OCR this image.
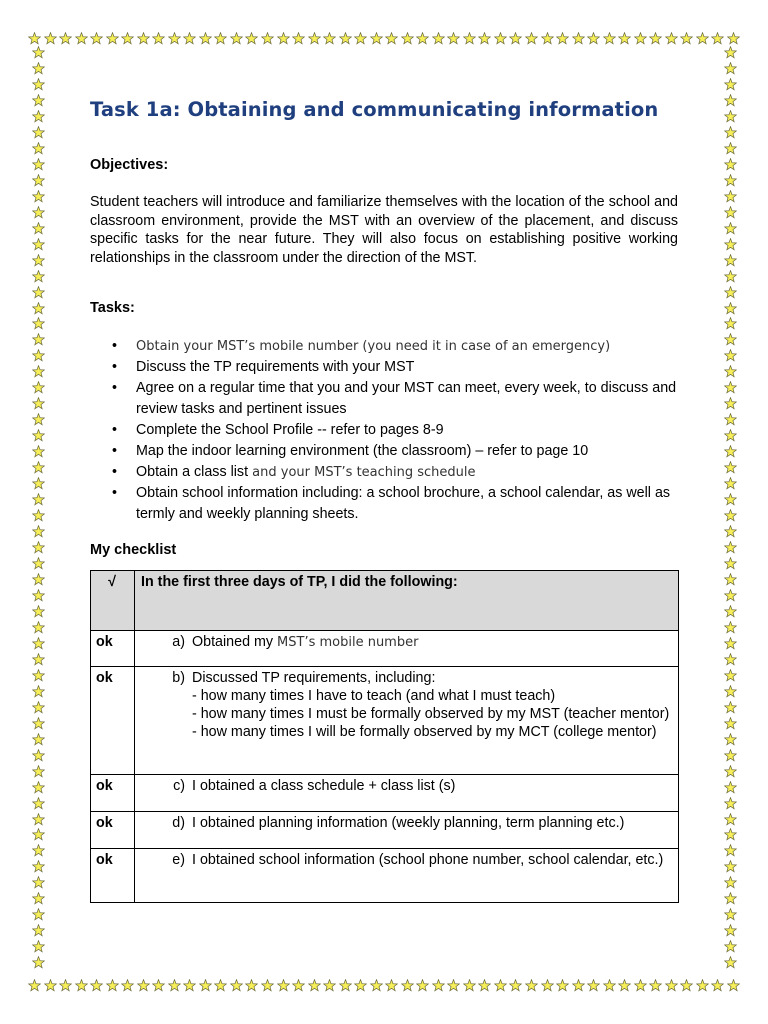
Task 1a: Obtaining and communicating information

Objectives:

Student teachers will introduce and familiarize themselves with the location of the school and classroom environment, provide the MST with an overview of the placement, and discuss specific tasks for the near future. They will also focus on establishing positive working relationships in the classroom under the direction of the MST.

Tasks:

• Obtain your MST’s mobile number (you need it in case of an emergency)
• Discuss the TP requirements with your MST
• Agree on a regular time that you and your MST can meet, every week, to discuss and review tasks and pertinent issues
• Complete the School Profile -- refer to pages 8-9
• Map the indoor learning environment (the classroom) – refer to page 10
• Obtain a class list and your MST’s teaching schedule
• Obtain school information including: a school brochure, a school calendar, as well as termly and weekly planning sheets.

My checklist

√	In the first three days of TP, I did the following:
ok	a) Obtained my MST’s mobile number

ok	b) Discussed TP requirements, including:
- how many times I have to teach (and what I must teach)
- how many times I must be formally observed by my MST (teacher mentor)
- how many times I will be formally observed by my MCT (college mentor)

ok	c) I obtained a class schedule + class list (s)

ok	d) I obtained planning information (weekly planning, term planning etc.)

ok	e) I obtained school information (school phone number, school calendar, etc.)
